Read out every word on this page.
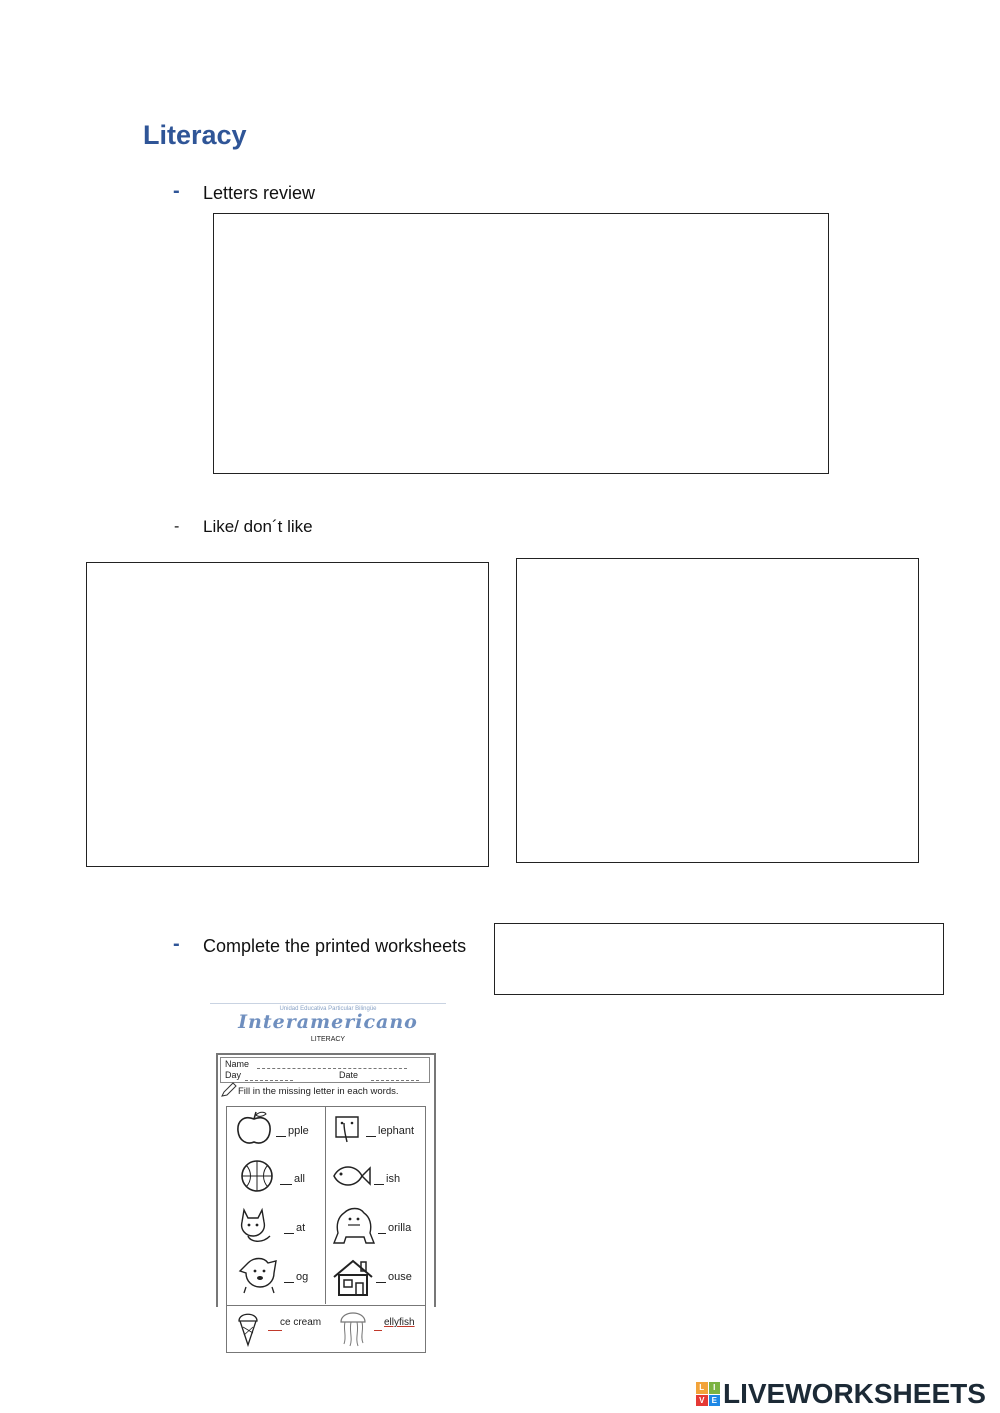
Literacy
- Letters review
- Like/ don´t like
- Complete the printed worksheets
Unidad Educativa Particular Bilingüe
Interamericano
LITERACY
Name
Day	Date
Fill in the missing letter in each words.
pple	lephant
all	ish
at	orilla
og	ouse
ce cream	ellyfish
L	I
V E LIVEWORKSHEETS
